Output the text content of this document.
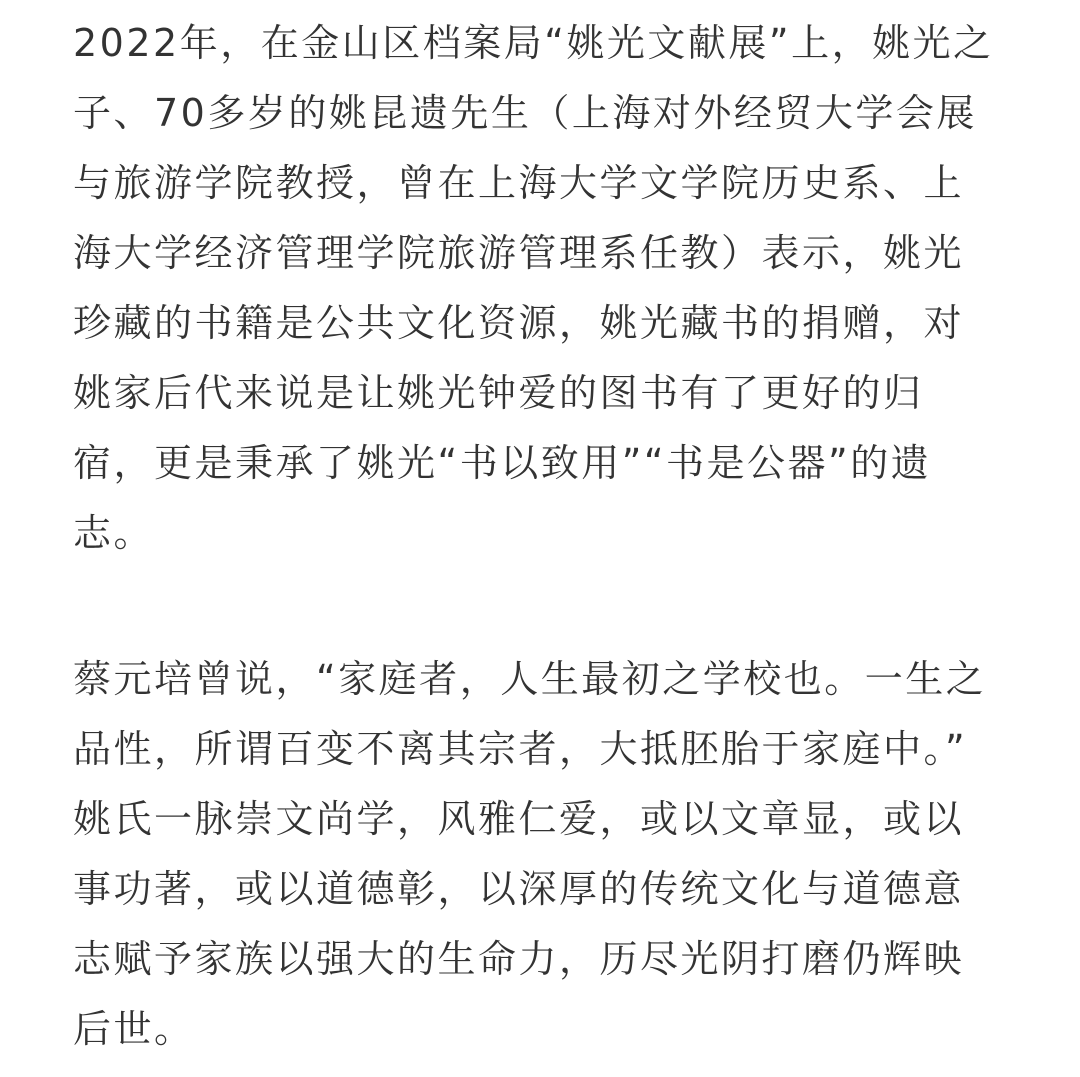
2022年，在金山区档案局“姚光文献展”上，姚光之
子、70多岁的姚昆遗先生（上海对外经贸大学会展
与旅游学院教授，曾在上海大学文学院历史系、上
海大学经济管理学院旅游管理系任教）表示，姚光
珍藏的书籍是公共文化资源，姚光藏书的捐赠，对
姚家后代来说是让姚光钟爱的图书有了更好的归
宿，更是秉承了姚光“书以致用”“书是公器”的遗
志。

蔡元培曾说，“家庭者，人生最初之学校也。一生之
品性，所谓百变不离其宗者，大抵胚胎于家庭中。”
姚氏一脉崇文尚学，风雅仁爱，或以文章显，或以
事功著，或以道德彰，以深厚的传统文化与道德意
志赋予家族以强大的生命力，历尽光阴打磨仍辉映
后世。
